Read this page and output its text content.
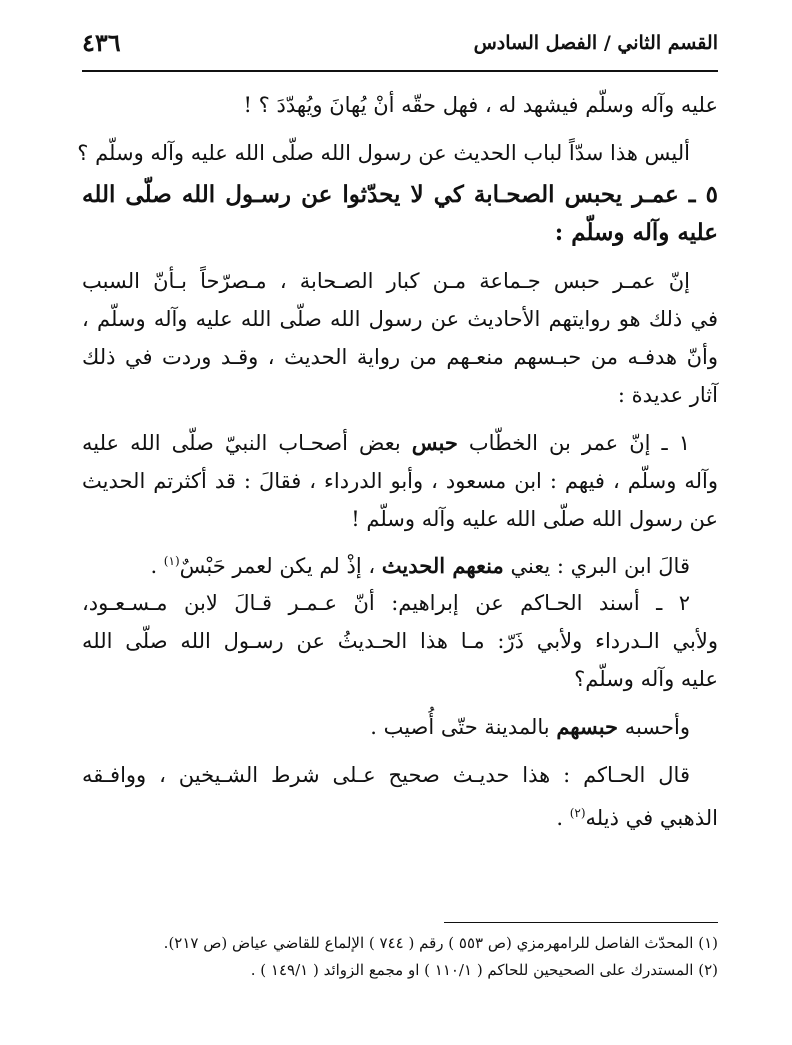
القسم الثاني / الفصل السادس
٤٣٦
عليه وآله وسلّم فيشهد له ، فهل حقّه أنْ يُهانَ ويُهدّدَ ؟ !
أليس هذا سدّاً لباب الحديث عن رسول الله صلّى الله عليه وآله وسلّم ؟
٥ ـ عمـر يحبس الصحـابة كي لا يحدّثوا عن رسـول الله صلّى الله
عليه وآله وسلّم :
إنّ عمـر حبس جـماعة مـن كبار الصـحابة ، مـصرّحاً بـأنّ السبب
في ذلك هو روايتهم الأحاديث عن رسول الله صلّى الله عليه وآله وسلّم ،
وأنّ هدفـه من حبـسهم منعـهم من رواية الحديث ، وقـد وردت في ذلك
آثار عديدة :
١ ـ إنّ عمر بن الخطّاب حبس بعض أصحـاب النبيّ صلّى الله عليه
وآله وسلّم ، فيهم : ابن مسعود ، وأبو الدرداء ، فقالَ : قد أكثرتم الحديث
عن رسول الله صلّى الله عليه وآله وسلّم !
قالَ ابن البري : يعني منعهم الحديث ، إذْ لم يكن لعمر حَبْسٌ$^{(١)}$ .
٢ ـ أسند الحـاكم عن إبراهيم: أنّ عـمـر قـالَ لابن مـسـعـود،
ولأبي الـدرداء ولأبي ذَرّ: مـا هذا الحـديثُ عن رسـول الله صلّى الله
عليه وآله وسلّم؟
وأحسبه حبسهم بالمدينة حتّى أُصيب .
قال الحـاكم : هذا حديـث صحيح عـلى شرط الشـيخين ، ووافـقه
الذهبي في ذيله$^{(٢)}$ .
(١) المحدّث الفاصل للرامهرمزي (ص ٥٥٣ ) رقم ( ٧٤٤ ) الإلماع للقاضي عياض (ص ٢١٧).
(٢) المستدرك على الصحيحين للحاكم ( ١١٠/١ ) او مجمع الزوائد ( ١٤٩/١ ) .
